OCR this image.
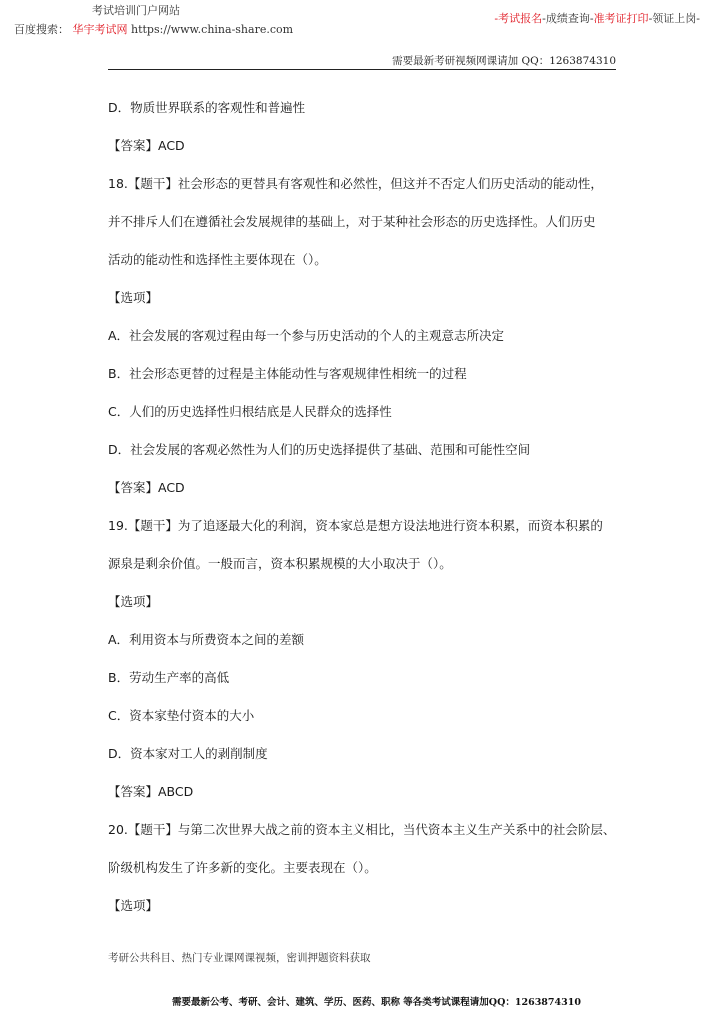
考试培训门户网站
百度搜索： 华宇考试网 https://www.china-share.com
-考试报名-成绩查询-准考证打印-领证上岗-
需要最新考研视频网课请加 QQ：1263874310
D．物质世界联系的客观性和普遍性
【答案】ACD
18.【题干】社会形态的更替具有客观性和必然性，但这并不否定人们历史活动的能动性，
并不排斥人们在遵循社会发展规律的基础上，对于某种社会形态的历史选择性。人们历史
活动的能动性和选择性主要体现在（）。
【选项】
A．社会发展的客观过程由每一个参与历史活动的个人的主观意志所决定
B．社会形态更替的过程是主体能动性与客观规律性相统一的过程
C．人们的历史选择性归根结底是人民群众的选择性
D．社会发展的客观必然性为人们的历史选择提供了基础、范围和可能性空间
【答案】ACD
19.【题干】为了追逐最大化的利润，资本家总是想方设法地进行资本积累，而资本积累的
源泉是剩余价值。一般而言，资本积累规模的大小取决于（）。
【选项】
A．利用资本与所费资本之间的差额
B．劳动生产率的高低
C．资本家垫付资本的大小
D．资本家对工人的剥削制度
【答案】ABCD
20.【题干】与第二次世界大战之前的资本主义相比，当代资本主义生产关系中的社会阶层、
阶级机构发生了许多新的变化。主要表现在（）。
【选项】
考研公共科目、热门专业课网课视频，密训押题资料获取
需要最新公考、考研、会计、建筑、学历、医药、职称 等各类考试课程请加QQ：1263874310
